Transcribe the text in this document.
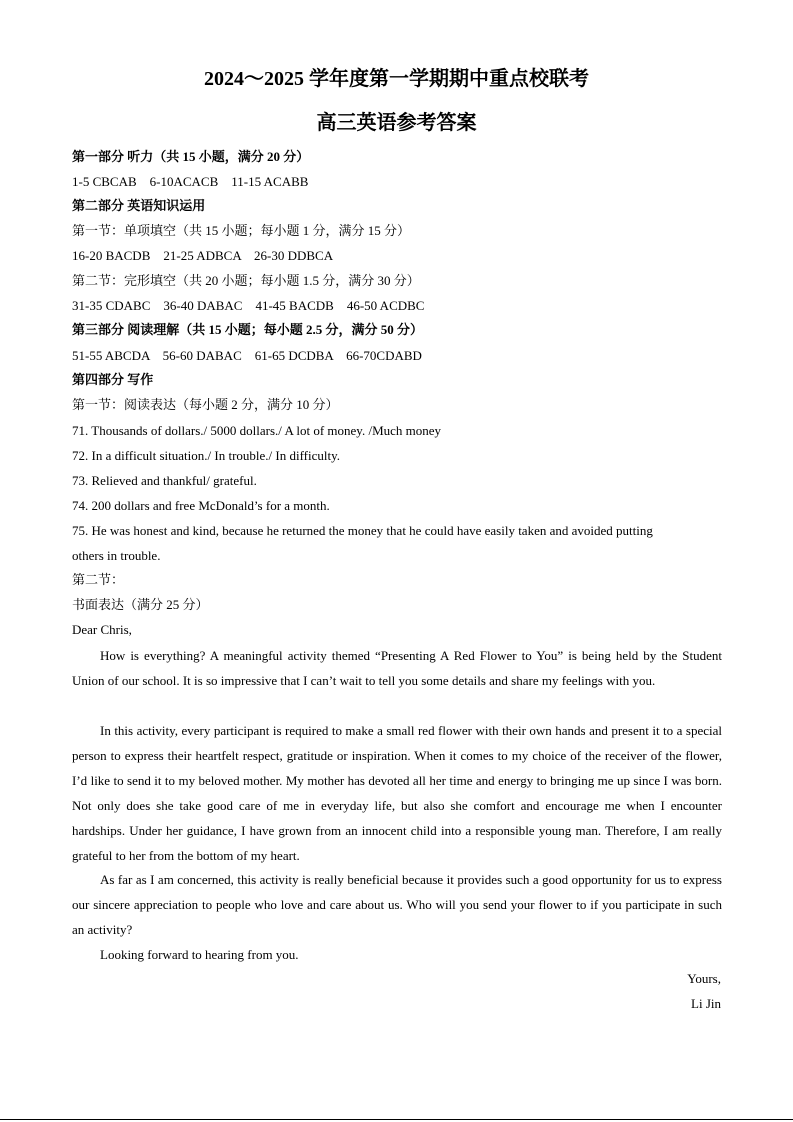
2024～2025 学年度第一学期期中重点校联考
高三英语参考答案
第一部分 听力（共 15 小题，满分 20 分）
1-5 CBCAB    6-10ACACB    11-15 ACABB
第二部分 英语知识运用
第一节：单项填空（共 15 小题；每小题 1 分，满分 15 分）
16-20 BACDB    21-25 ADBCA    26-30 DDBCA
第二节：完形填空（共 20 小题；每小题 1.5 分，满分 30 分）
31-35 CDABC    36-40 DABAC    41-45 BACDB    46-50 ACDBC
第三部分 阅读理解（共 15 小题；每小题 2.5 分，满分 50 分）
51-55 ABCDA    56-60 DABAC    61-65 DCDBA    66-70CDABD
第四部分 写作
第一节：阅读表达（每小题 2 分，满分 10 分）
71. Thousands of dollars./ 5000 dollars./ A lot of money. /Much money
72. In a difficult situation./ In trouble./ In difficulty.
73. Relieved and thankful/ grateful.
74. 200 dollars and free McDonald’s for a month.
75. He was honest and kind, because he returned the money that he could have easily taken and avoided putting
others in trouble.
第二节：
书面表达（满分 25 分）
Dear Chris,

How is everything? A meaningful activity themed “Presenting A Red Flower to You” is being held by the Student Union of our school. It is so impressive that I can’t wait to tell you some details and share my feelings with you.

In this activity, every participant is required to make a small red flower with their own hands and present it to a special person to express their heartfelt respect, gratitude or inspiration. When it comes to my choice of the receiver of the flower, I’d like to send it to my beloved mother. My mother has devoted all her time and energy to bringing me up since I was born. Not only does she take good care of me in everyday life, but also she comfort and encourage me when I encounter hardships. Under her guidance, I have grown from an innocent child into a responsible young man. Therefore, I am really grateful to her from the bottom of my heart.

As far as I am concerned, this activity is really beneficial because it provides such a good opportunity for us to express our sincere appreciation to people who love and care about us. Who will you send your flower to if you participate in such an activity?

Looking forward to hearing from you.

Yours,
Li Jin
